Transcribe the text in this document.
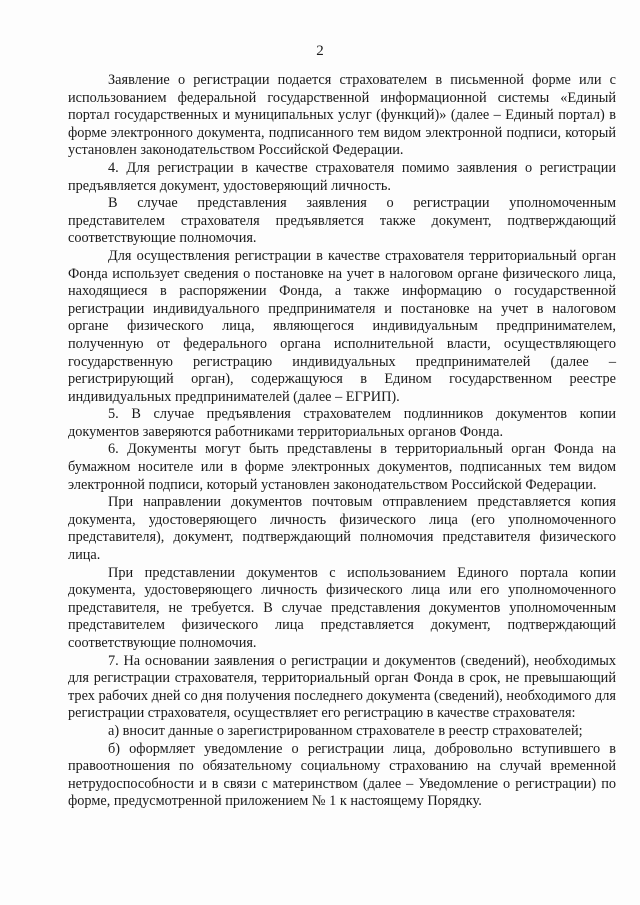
2

Заявление о регистрации подается страхователем в письменной форме или с использованием федеральной государственной информационной системы «Единый портал государственных и муниципальных услуг (функций)» (далее – Единый портал) в форме электронного документа, подписанного тем видом электронной подписи, который установлен законодательством Российской Федерации.

4. Для регистрации в качестве страхователя помимо заявления о регистрации предъявляется документ, удостоверяющий личность.

В случае представления заявления о регистрации уполномоченным представителем страхователя предъявляется также документ, подтверждающий соответствующие полномочия.

Для осуществления регистрации в качестве страхователя территориальный орган Фонда использует сведения о постановке на учет в налоговом органе физического лица, находящиеся в распоряжении Фонда, а также информацию о государственной регистрации индивидуального предпринимателя и постановке на учет в налоговом органе физического лица, являющегося индивидуальным предпринимателем, полученную от федерального органа исполнительной власти, осуществляющего государственную регистрацию индивидуальных предпринимателей (далее – регистрирующий орган), содержащуюся в Едином государственном реестре индивидуальных предпринимателей (далее – ЕГРИП).

5. В случае предъявления страхователем подлинников документов копии документов заверяются работниками территориальных органов Фонда.

6. Документы могут быть представлены в территориальный орган Фонда на бумажном носителе или в форме электронных документов, подписанных тем видом электронной подписи, который установлен законодательством Российской Федерации.

При направлении документов почтовым отправлением представляется копия документа, удостоверяющего личность физического лица (его уполномоченного представителя), документ, подтверждающий полномочия представителя физического лица.

При представлении документов с использованием Единого портала копии документа, удостоверяющего личность физического лица или его уполномоченного представителя, не требуется. В случае представления документов уполномоченным представителем физического лица представляется документ, подтверждающий соответствующие полномочия.

7. На основании заявления о регистрации и документов (сведений), необходимых для регистрации страхователя, территориальный орган Фонда в срок, не превышающий трех рабочих дней со дня получения последнего документа (сведений), необходимого для регистрации страхователя, осуществляет его регистрацию в качестве страхователя:

а) вносит данные о зарегистрированном страхователе в реестр страхователей;

б) оформляет уведомление о регистрации лица, добровольно вступившего в правоотношения по обязательному социальному страхованию на случай временной нетрудоспособности и в связи с материнством (далее – Уведомление о регистрации) по форме, предусмотренной приложением № 1 к настоящему Порядку.
